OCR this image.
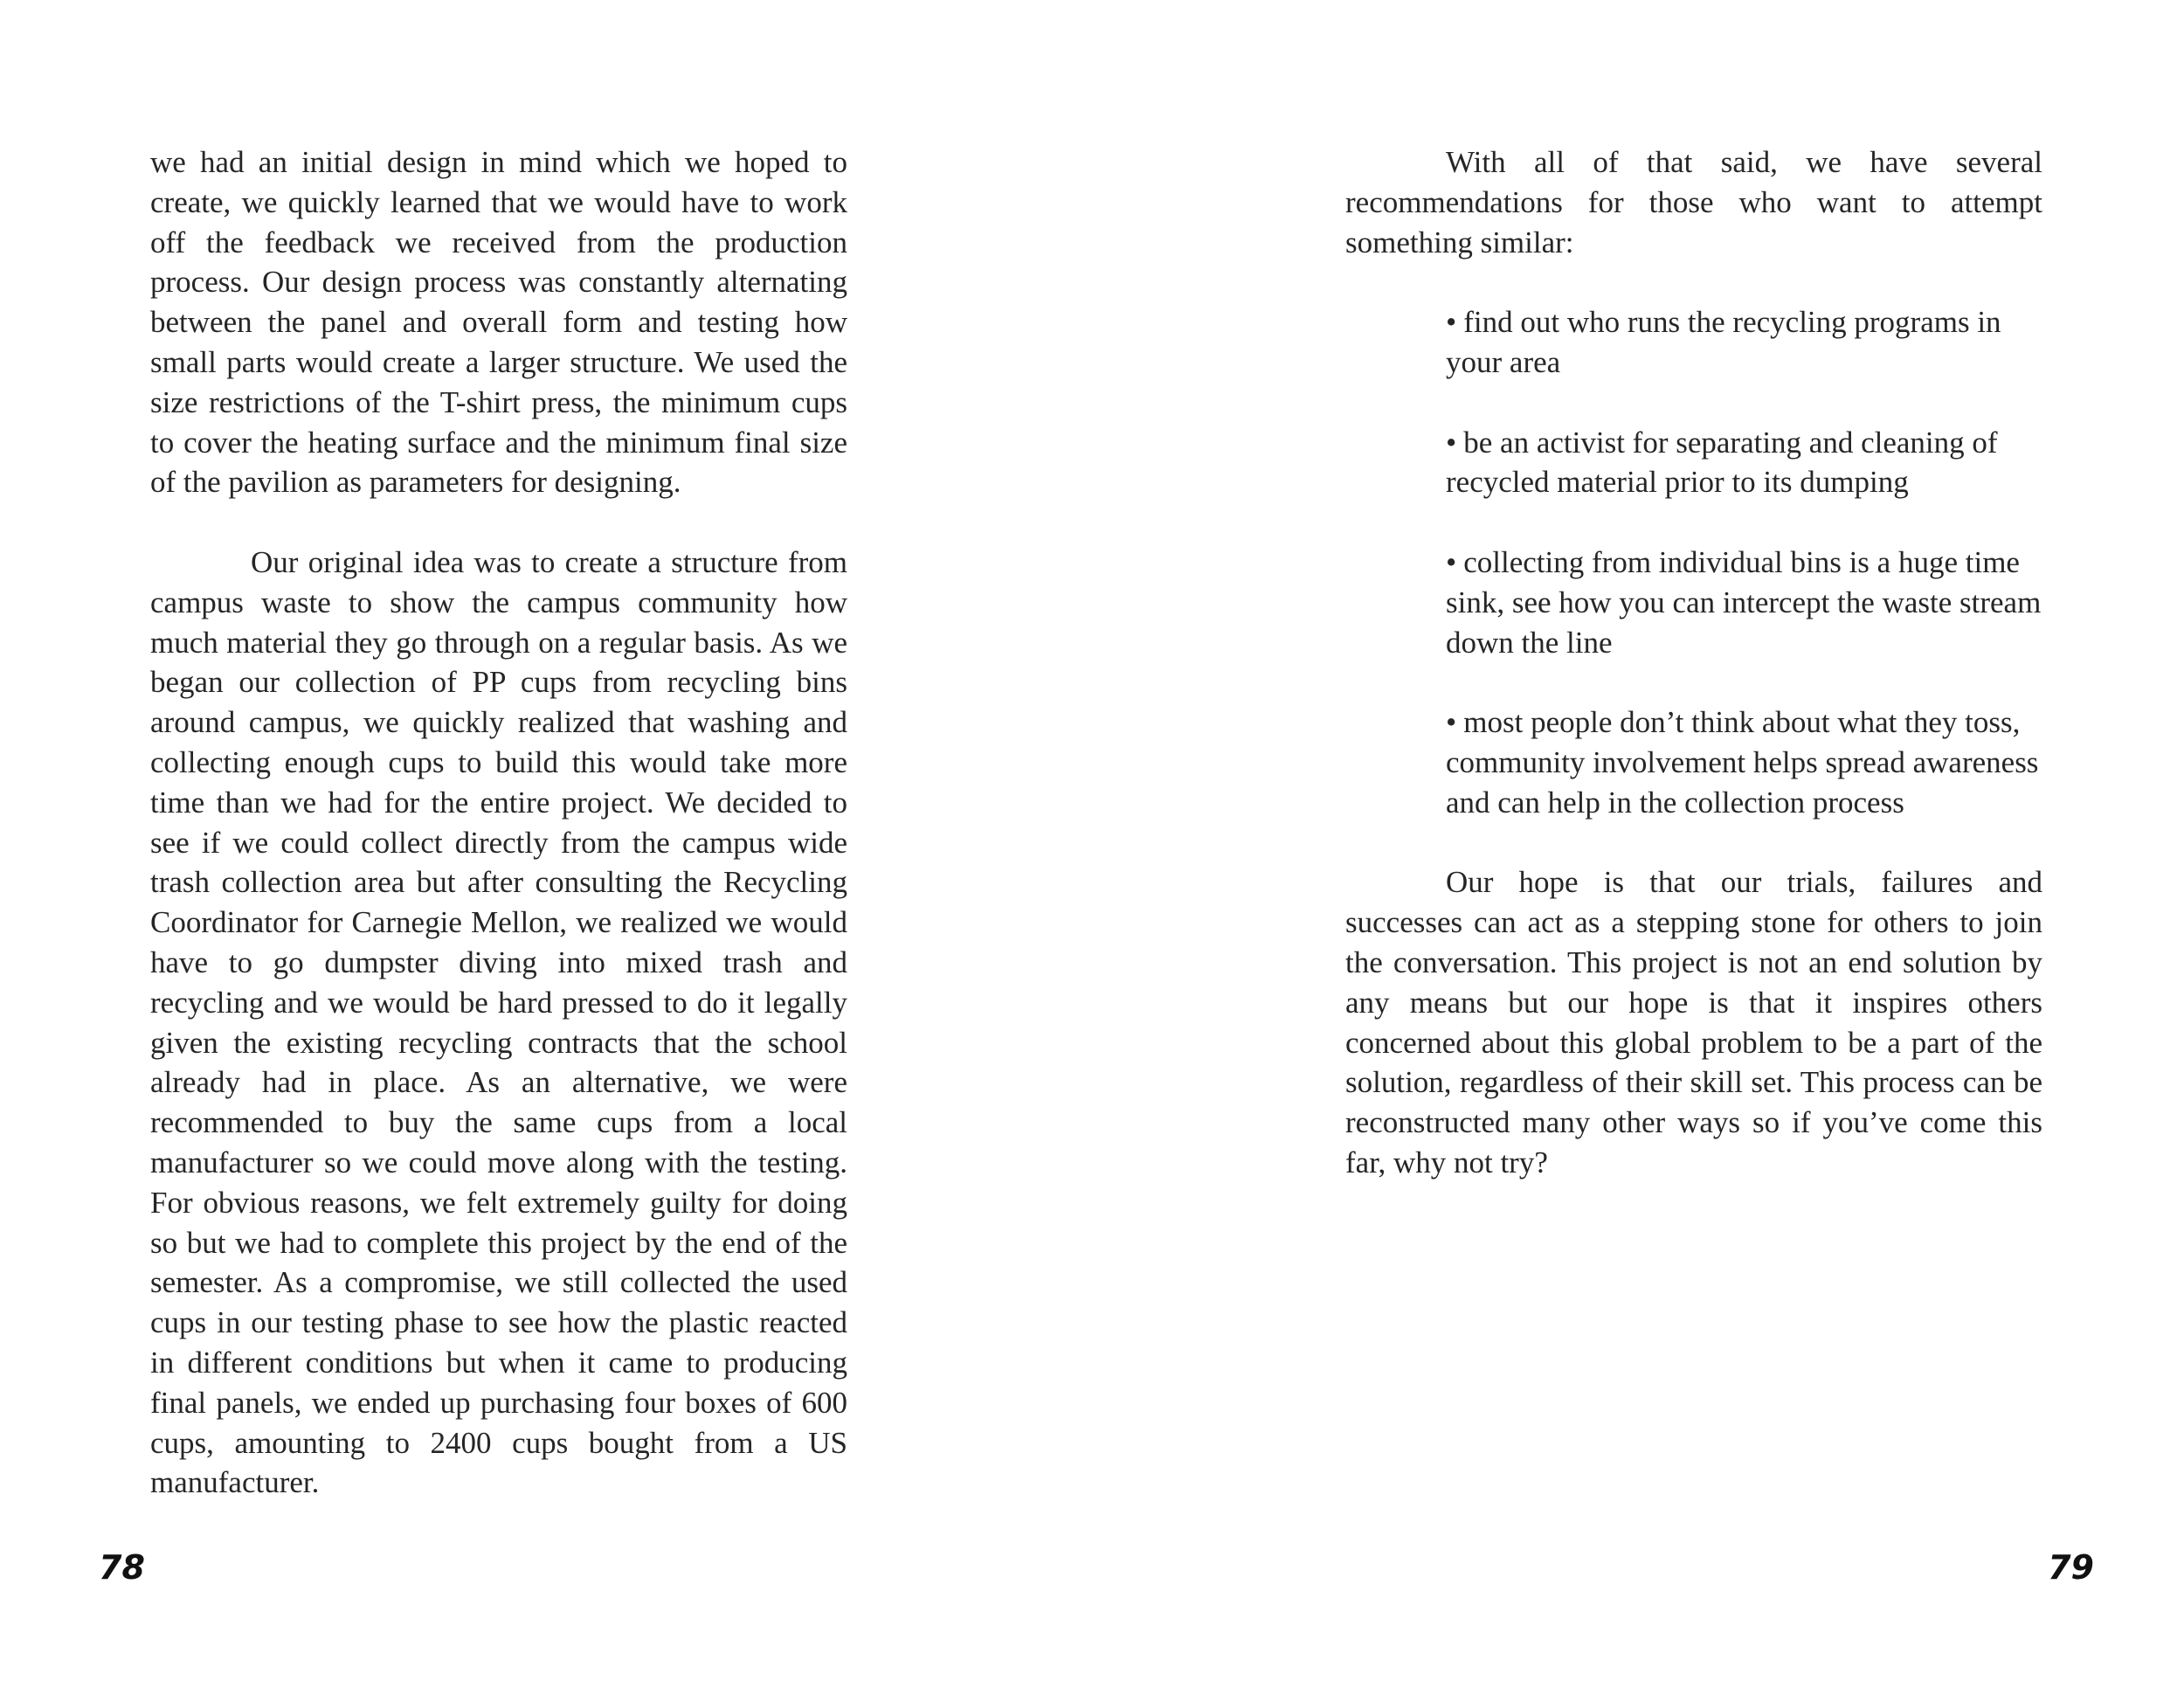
we had an initial design in mind which we hoped to create, we quickly learned that we would have to work off the feedback we received from the production process. Our design process was constantly alternating between the panel and overall form and testing how small parts would create a larger structure. We used the size restrictions of the T-shirt press, the minimum cups to cover the heating surface and the minimum final size of the pavilion as parameters for designing.

Our original idea was to create a structure from campus waste to show the campus community how much material they go through on a regular basis. As we began our collection of PP cups from recycling bins around campus, we quickly realized that washing and collecting enough cups to build this would take more time than we had for the entire project. We decided to see if we could collect directly from the campus wide trash collection area but after consulting the Recycling Coordinator for Carnegie Mellon, we realized we would have to go dumpster diving into mixed trash and recycling and we would be hard pressed to do it legally given the existing recycling contracts that the school already had in place. As an alternative, we were recommended to buy the same cups from a local manufacturer so we could move along with the testing. For obvious reasons, we felt extremely guilty for doing so but we had to complete this project by the end of the semester. As a compromise, we still collected the used cups in our testing phase to see how the plastic reacted in different conditions but when it came to producing final panels, we ended up purchasing four boxes of 600 cups, amounting to 2400 cups bought from a US manufacturer.

78

With all of that said, we have several recommendations for those who want to attempt something similar:

• find out who runs the recycling programs in your area
• be an activist for separating and cleaning of recycled material prior to its dumping
• collecting from individual bins is a huge time sink, see how you can intercept the waste stream down the line
• most people don’t think about what they toss, community involvement helps spread awareness and can help in the collection process

Our hope is that our trials, failures and successes can act as a stepping stone for others to join the conversation. This project is not an end solution by any means but our hope is that it inspires others concerned about this global problem to be a part of the solution, regardless of their skill set. This process can be reconstructed many other ways so if you’ve come this far, why not try?

79
